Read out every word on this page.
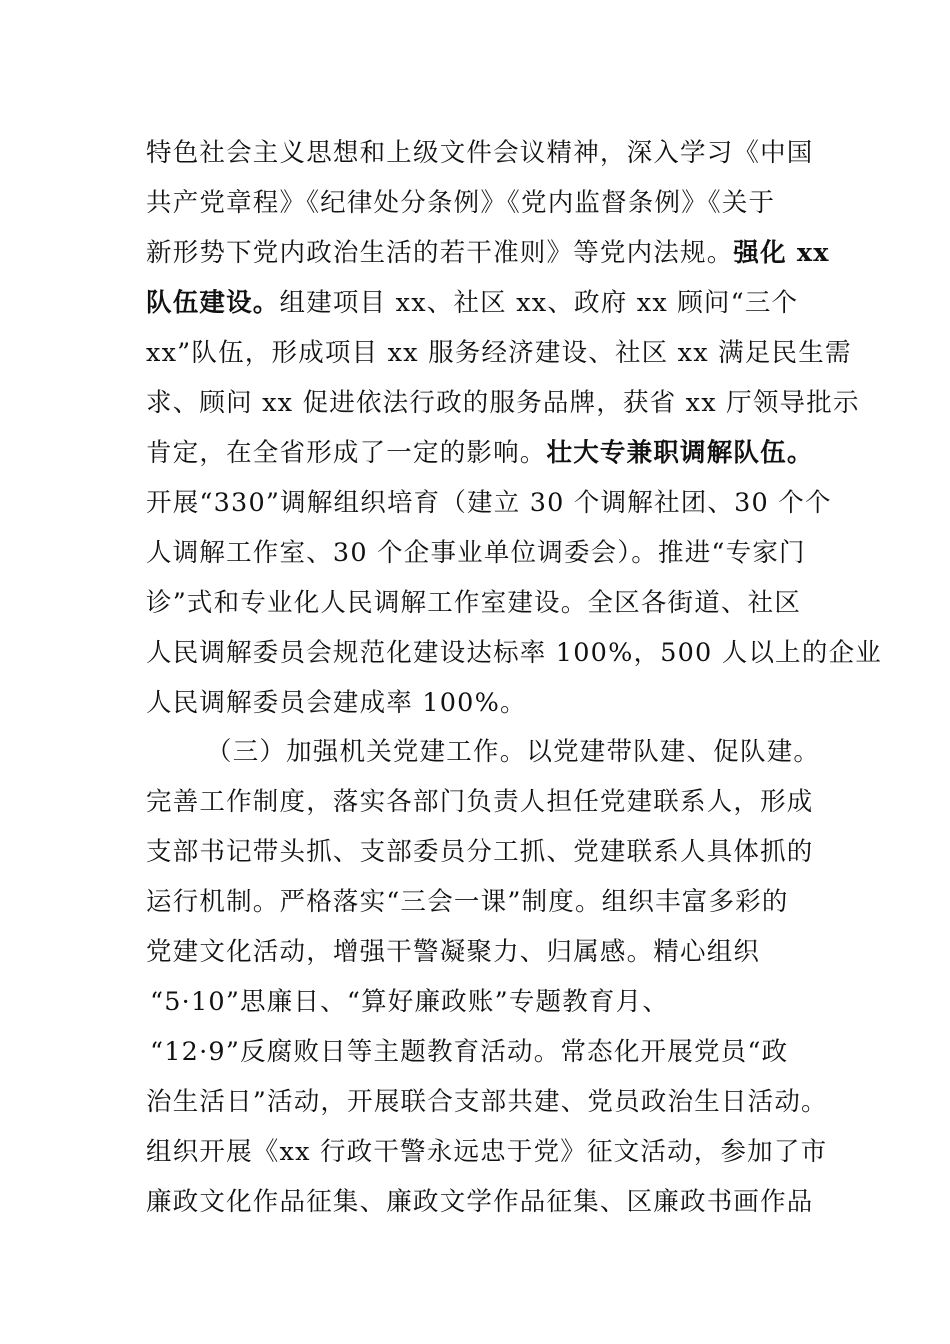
特色社会主义思想和上级文件会议精神，深入学习《中国
共产党章程》《纪律处分条例》《党内监督条例》《关于
新形势下党内政治生活的若干准则》等党内法规。强化 xx
队伍建设。组建项目 xx、社区 xx、政府 xx 顾问“三个
xx”队伍，形成项目 xx 服务经济建设、社区 xx 满足民生需
求、顾问 xx 促进依法行政的服务品牌，获省 xx 厅领导批示
肯定，在全省形成了一定的影响。壮大专兼职调解队伍。
开展“330”调解组织培育（建立 30 个调解社团、30 个个
人调解工作室、30 个企事业单位调委会）。推进“专家门
诊”式和专业化人民调解工作室建设。全区各街道、社区
人民调解委员会规范化建设达标率 100%，500 人以上的企业
人民调解委员会建成率 100%。
（三）加强机关党建工作。以党建带队建、促队建。
完善工作制度，落实各部门负责人担任党建联系人，形成
支部书记带头抓、支部委员分工抓、党建联系人具体抓的
运行机制。严格落实“三会一课”制度。组织丰富多彩的
党建文化活动，增强干警凝聚力、归属感。精心组织
“5·10”思廉日、“算好廉政账”专题教育月、
“12·9”反腐败日等主题教育活动。常态化开展党员“政
治生活日”活动，开展联合支部共建、党员政治生日活动。
组织开展《xx 行政干警永远忠于党》征文活动，参加了市
廉政文化作品征集、廉政文学作品征集、区廉政书画作品
